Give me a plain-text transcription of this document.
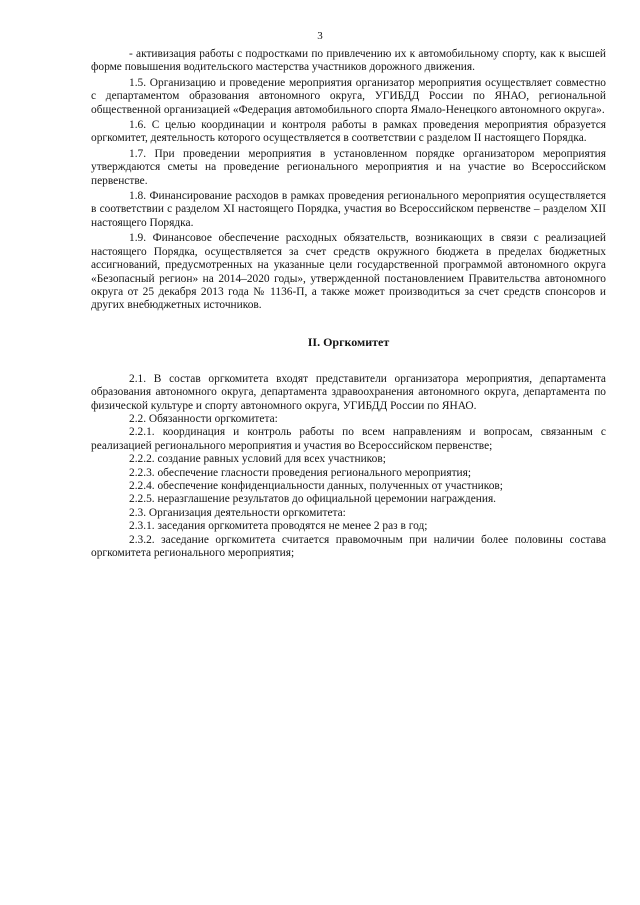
3

- активизация работы с подростками по привлечению их к автомобильному спорту, как к высшей форме повышения водительского мастерства участников дорожного движения.

1.5. Организацию и проведение мероприятия организатор мероприятия осуществляет совместно с департаментом образования автономного округа, УГИБДД России по ЯНАО, региональной общественной организацией «Федерация автомобильного спорта Ямало-Ненецкого автономного округа».

1.6. С целью координации и контроля работы в рамках проведения мероприятия образуется оргкомитет, деятельность которого осуществляется в соответствии с разделом II настоящего Порядка.

1.7. При проведении мероприятия в установленном порядке организатором мероприятия утверждаются сметы на проведение регионального мероприятия и на участие во Всероссийском первенстве.

1.8. Финансирование расходов в рамках проведения регионального мероприятия осуществляется в соответствии с разделом XI настоящего Порядка, участия во Всероссийском первенстве – разделом XII настоящего Порядка.

1.9. Финансовое обеспечение расходных обязательств, возникающих в связи с реализацией настоящего Порядка, осуществляется за счет средств окружного бюджета в пределах бюджетных ассигнований, предусмотренных на указанные цели государственной программой автономного округа «Безопасный регион» на 2014–2020 годы», утвержденной постановлением Правительства автономного округа от 25 декабря 2013 года № 1136-П, а также может производиться за счет средств спонсоров и других внебюджетных источников.

II. Оргкомитет

2.1. В состав оргкомитета входят представители организатора мероприятия, департамента образования автономного округа, департамента здравоохранения автономного округа, департамента по физической культуре и спорту автономного округа, УГИБДД России по ЯНАО.

2.2. Обязанности оргкомитета:

2.2.1. координация и контроль работы по всем направлениям и вопросам, связанным с реализацией регионального мероприятия и участия во Всероссийском первенстве;

2.2.2. создание равных условий для всех участников;

2.2.3. обеспечение гласности проведения регионального мероприятия;

2.2.4. обеспечение конфиденциальности данных, полученных от участников;

2.2.5. неразглашение результатов до официальной церемонии награждения.

2.3. Организация деятельности оргкомитета:

2.3.1. заседания оргкомитета проводятся не менее 2 раз в год;

2.3.2. заседание оргкомитета считается правомочным при наличии более половины состава оргкомитета регионального мероприятия;
